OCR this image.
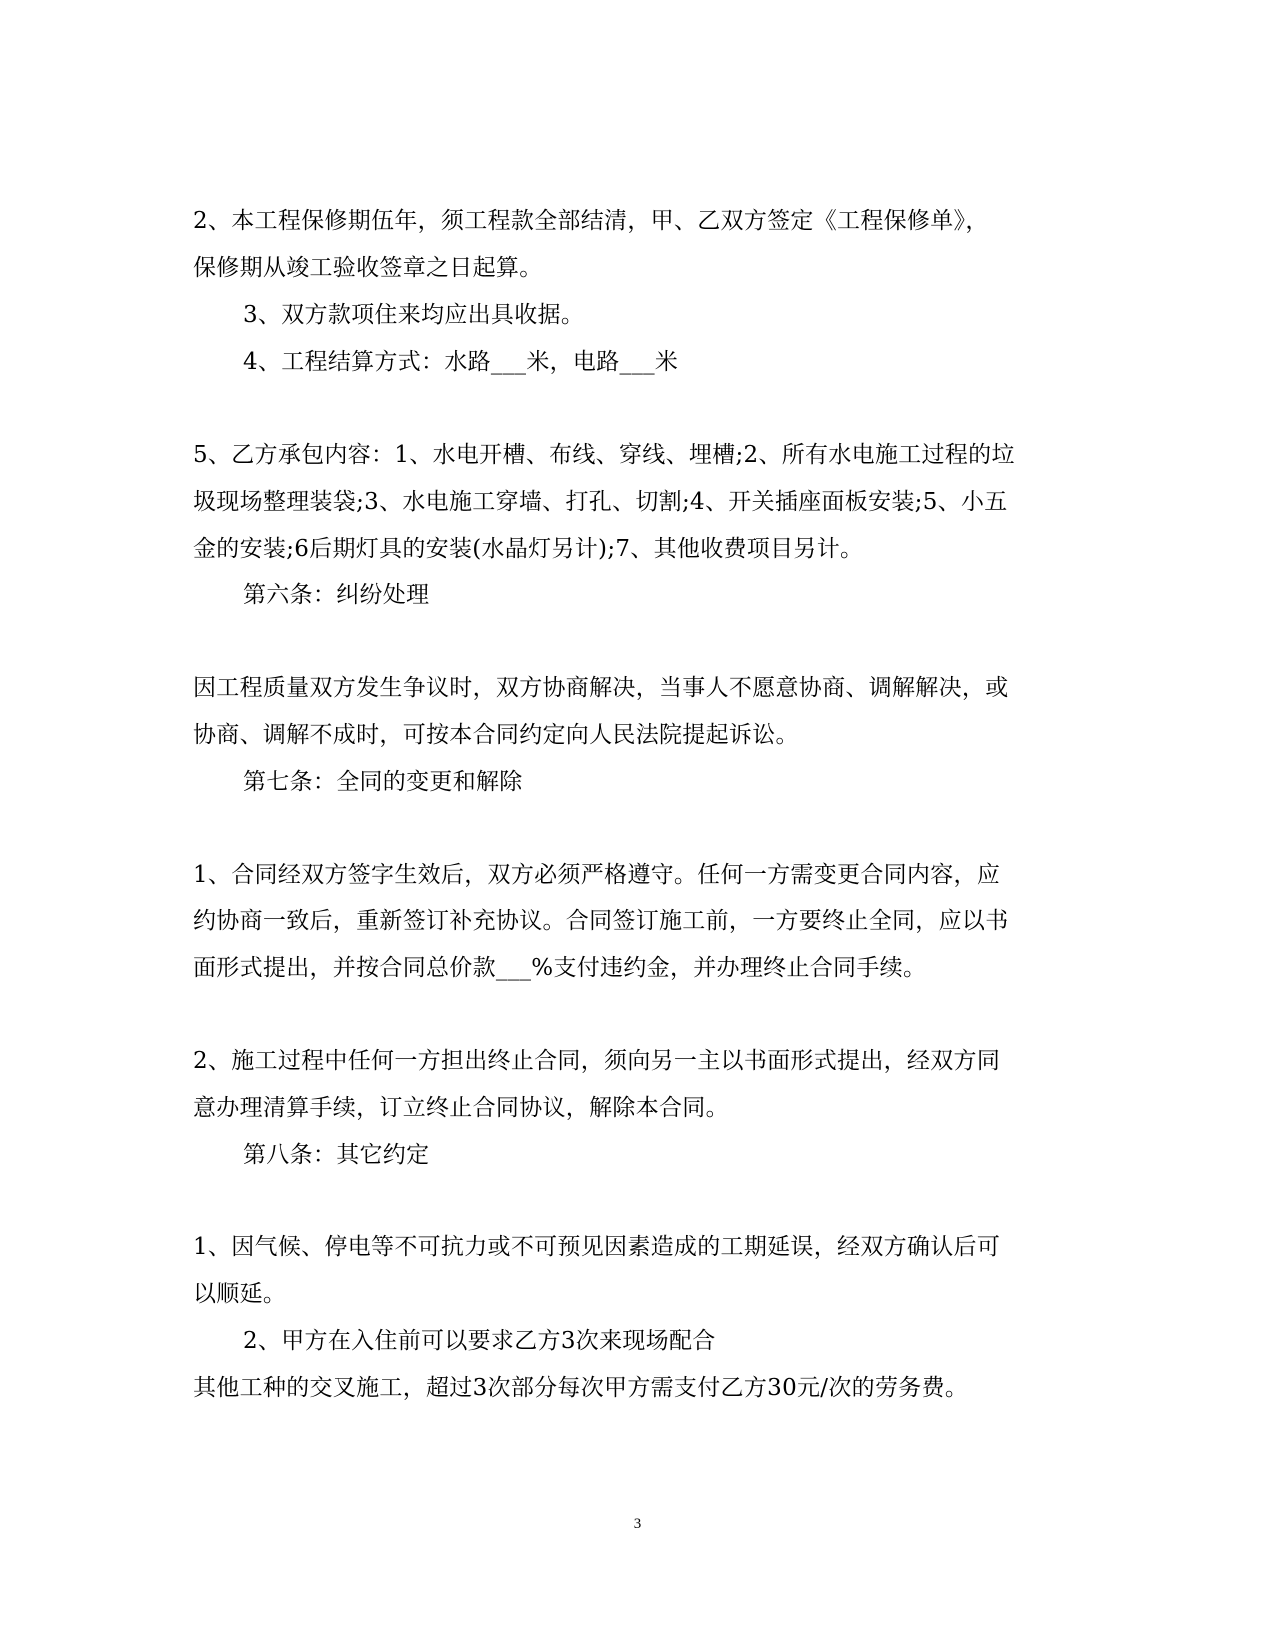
2、本工程保修期伍年，须工程款全部结清，甲、乙双方签定《工程保修单》，
保修期从竣工验收签章之日起算。
3、双方款项住来均应出具收据。
4、工程结算方式：水路___米，电路___米
5、乙方承包内容：1、水电开槽、布线、穿线、埋槽;2、所有水电施工过程的垃
圾现场整理装袋;3、水电施工穿墙、打孔、切割;4、开关插座面板安装;5、小五
金的安装;6后期灯具的安装(水晶灯另计);7、其他收费项目另计。
第六条：纠纷处理
因工程质量双方发生争议时，双方协商解决，当事人不愿意协商、调解解决，或
协商、调解不成时，可按本合同约定向人民法院提起诉讼。
第七条：全同的变更和解除
1、合同经双方签字生效后，双方必须严格遵守。任何一方需变更合同内容，应
约协商一致后，重新签订补充协议。合同签订施工前，一方要终止全同，应以书
面形式提出，并按合同总价款___%支付违约金，并办理终止合同手续。
2、施工过程中任何一方担出终止合同，须向另一主以书面形式提出，经双方同
意办理清算手续，订立终止合同协议，解除本合同。
第八条：其它约定
1、因气候、停电等不可抗力或不可预见因素造成的工期延误，经双方确认后可
以顺延。
2、甲方在入住前可以要求乙方3次来现场配合
其他工种的交叉施工，超过3次部分每次甲方需支付乙方30元/次的劳务费。
3
